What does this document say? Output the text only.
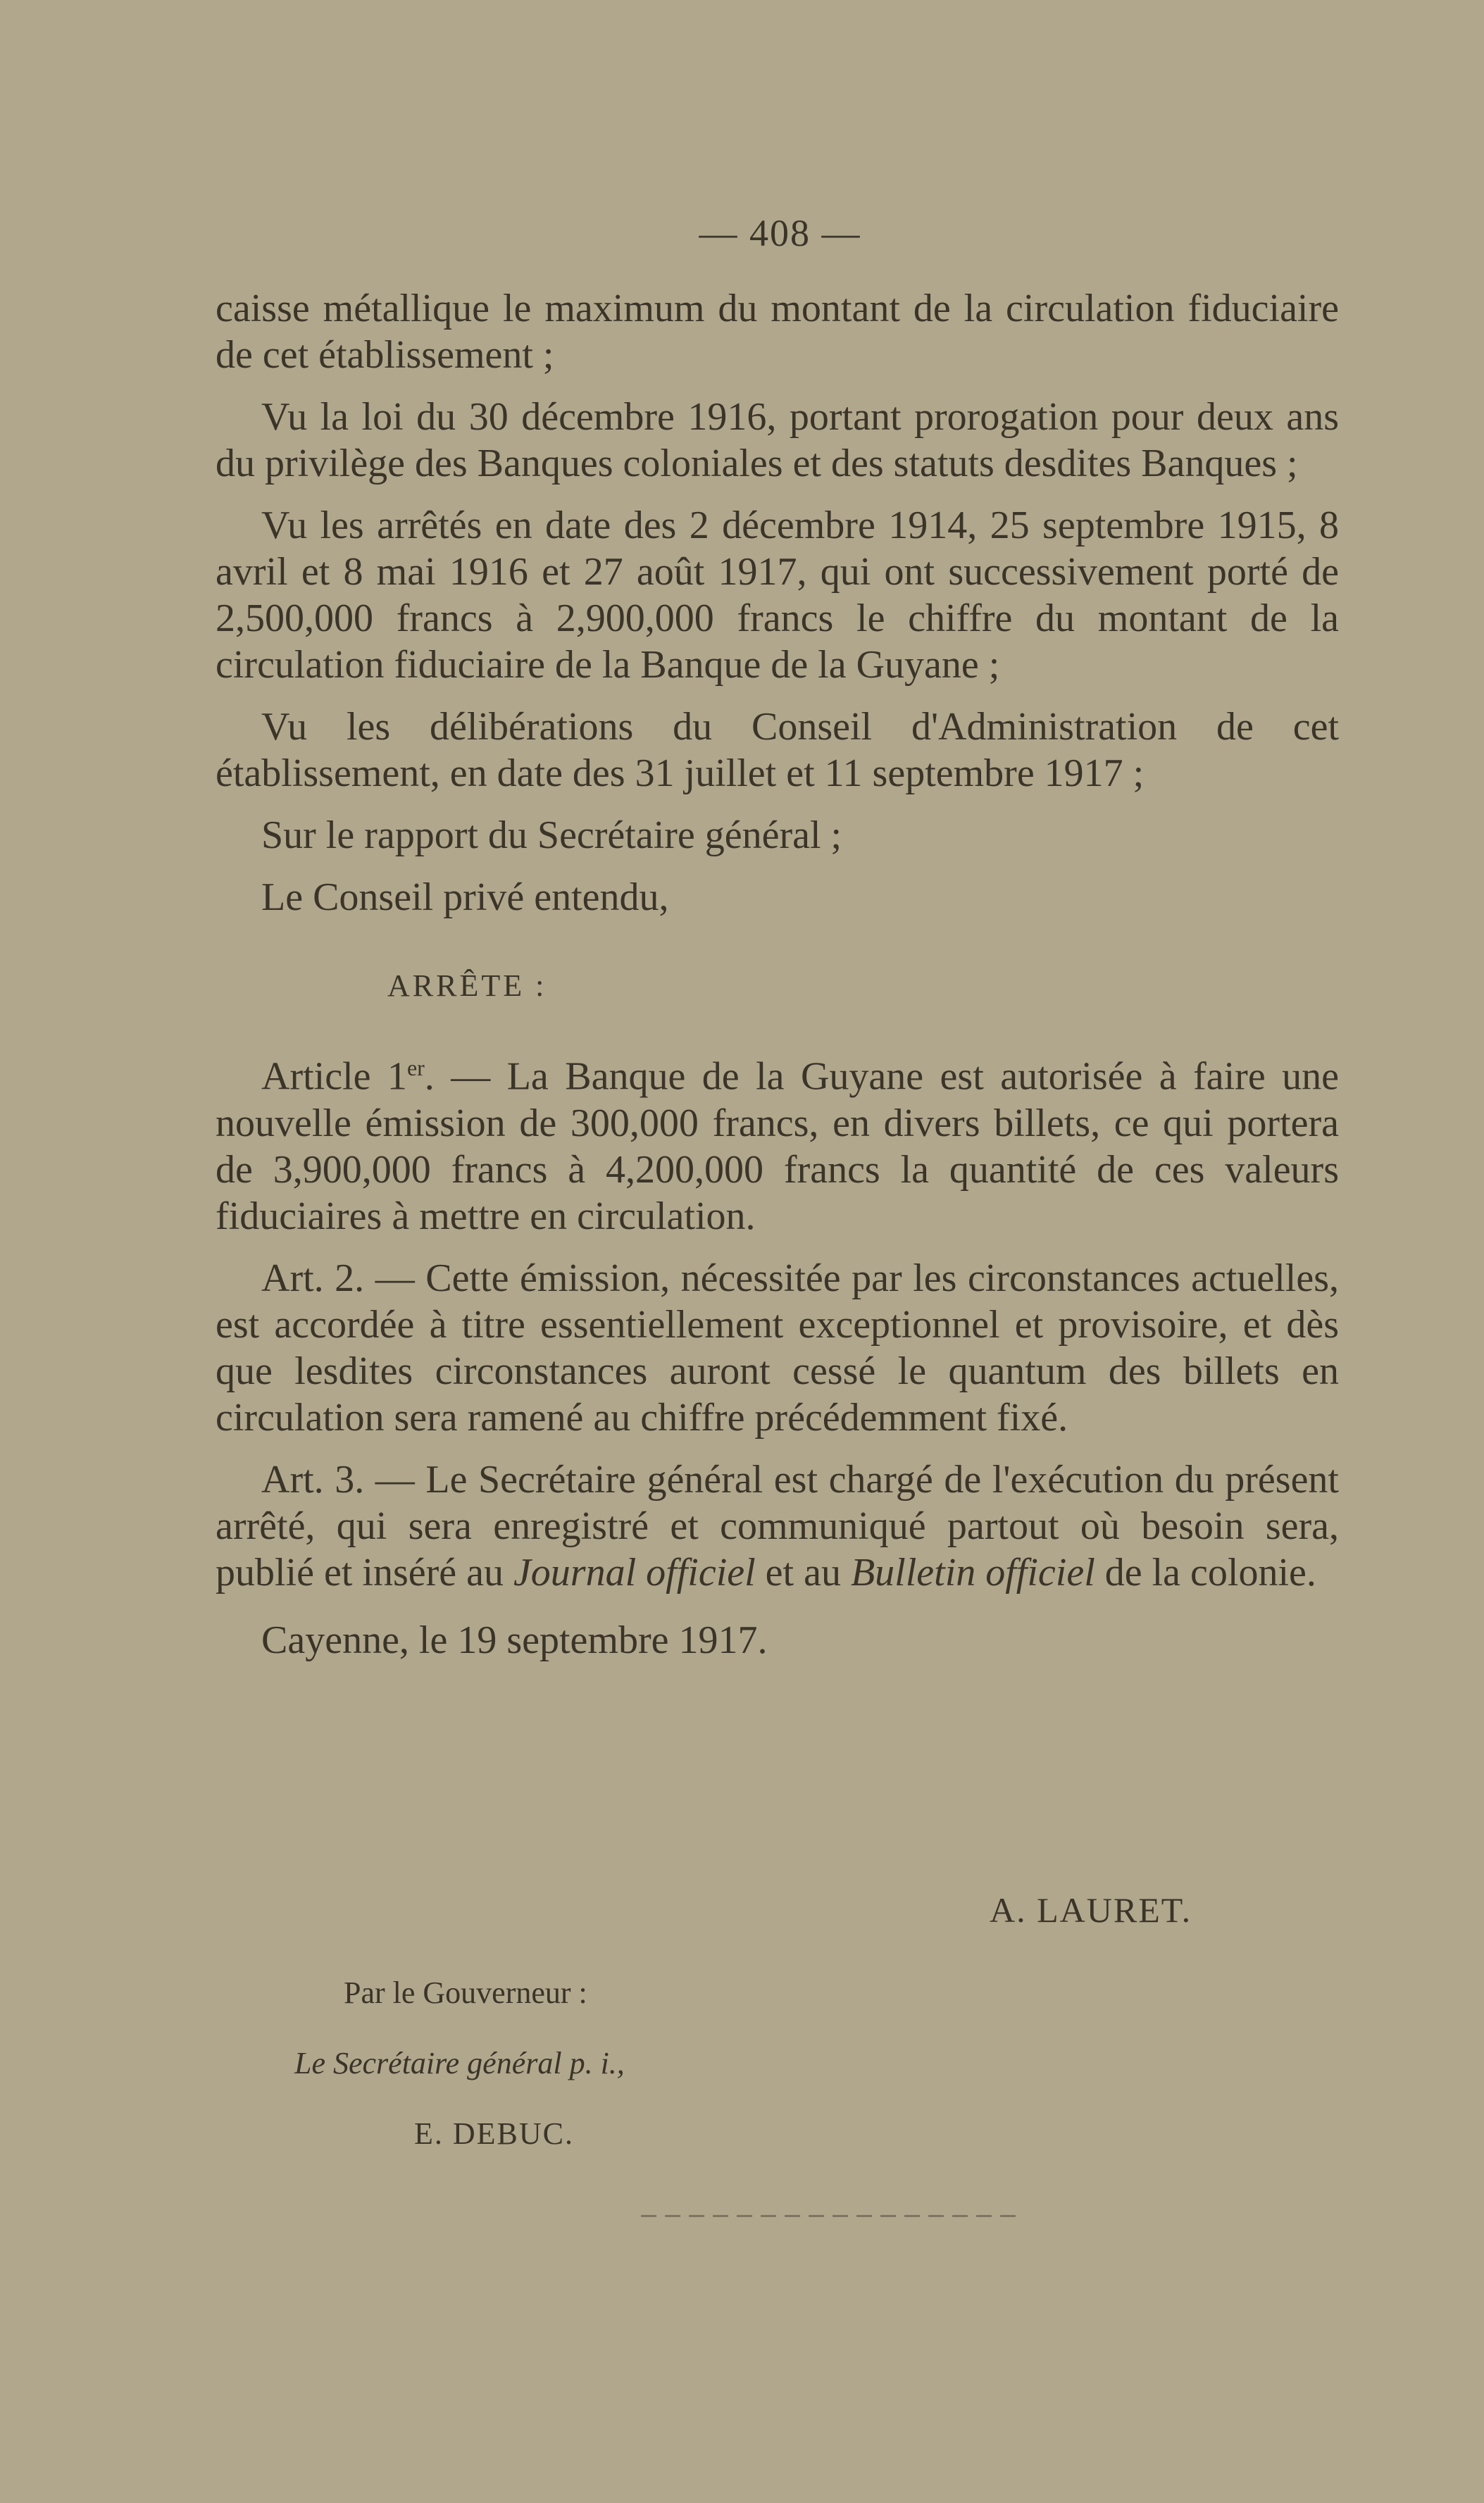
— 408 —

caisse métallique le maximum du montant de la circulation fiduciaire de cet établissement ;

Vu la loi du 30 décembre 1916, portant prorogation pour deux ans du privilège des Banques coloniales et des statuts desdites Banques ;

Vu les arrêtés en date des 2 décembre 1914, 25 septembre 1915, 8 avril et 8 mai 1916 et 27 août 1917, qui ont successivement porté de 2,500,000 francs à 2,900,000 francs le chiffre du montant de la circulation fiduciaire de la Banque de la Guyane ;

Vu les délibérations du Conseil d'Administration de cet établissement, en date des 31 juillet et 11 septembre 1917 ;

Sur le rapport du Secrétaire général ;

Le Conseil privé entendu,

ARRÊTE :

Article 1er. — La Banque de la Guyane est autorisée à faire une nouvelle émission de 300,000 francs, en divers billets, ce qui portera de 3,900,000 francs à 4,200,000 francs la quantité de ces valeurs fiduciaires à mettre en circulation.

Art. 2. — Cette émission, nécessitée par les circonstances actuelles, est accordée à titre essentiellement exceptionnel et provisoire, et dès que lesdites circonstances auront cessé le quantum des billets en circulation sera ramené au chiffre précédemment fixé.

Art. 3. — Le Secrétaire général est chargé de l'exécution du présent arrêté, qui sera enregistré et communiqué partout où besoin sera, publié et inséré au Journal officiel et au Bulletin officiel de la colonie.

Cayenne, le 19 septembre 1917.

A. LAURET.
Par le Gouverneur :
Le Secrétaire général p. i.,
E. DEBUC.
